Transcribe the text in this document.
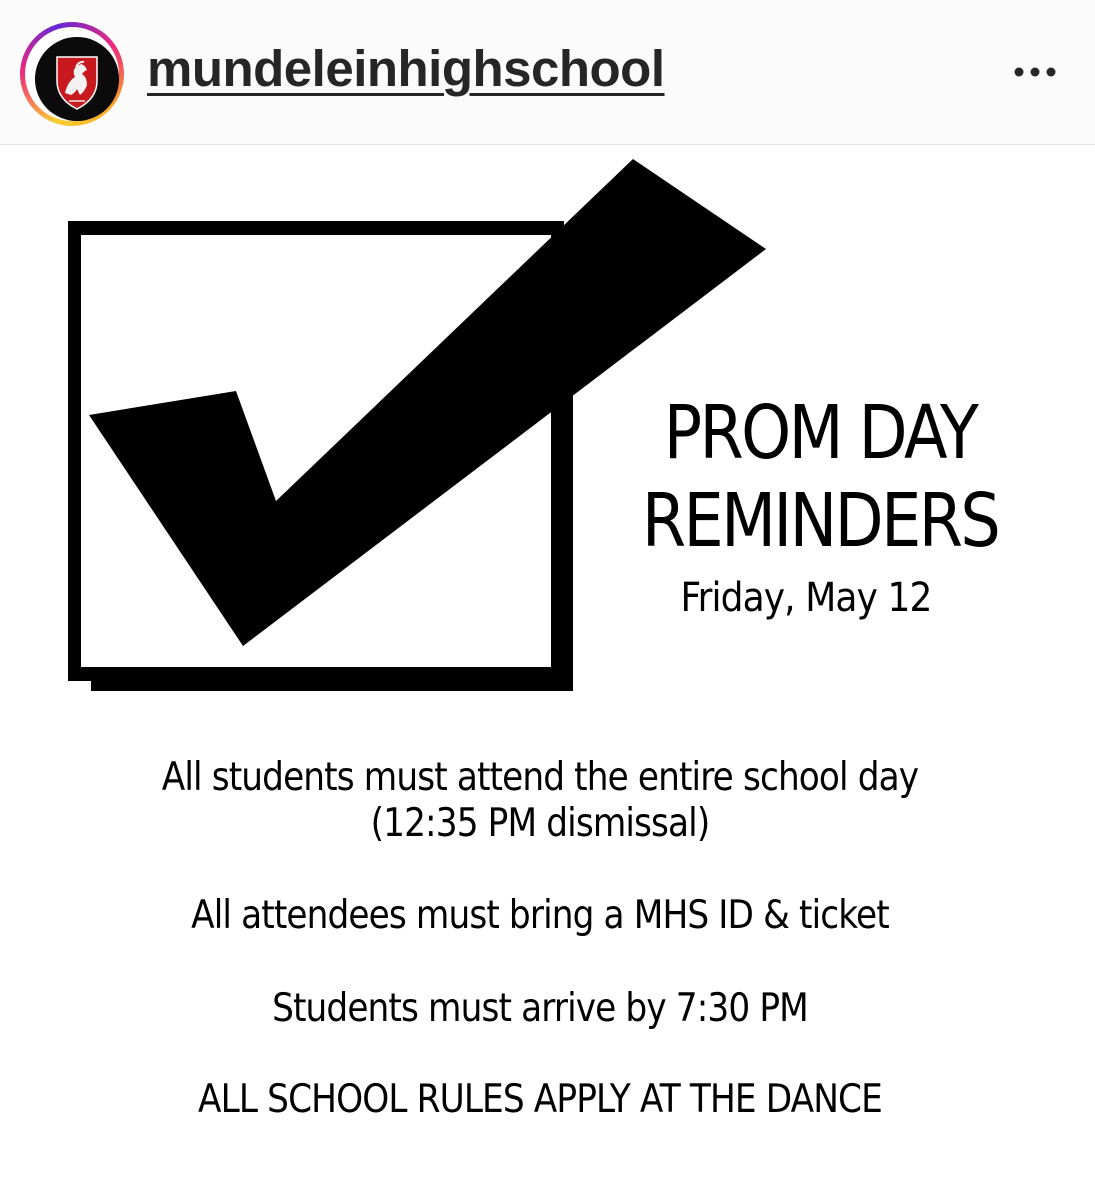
mundeleinhighschool
PROM DAY
REMINDERS
Friday, May 12
All students must attend the entire school day
(12:35 PM dismissal)
All attendees must bring a MHS ID & ticket
Students must arrive by 7:30 PM
ALL SCHOOL RULES APPLY AT THE DANCE
